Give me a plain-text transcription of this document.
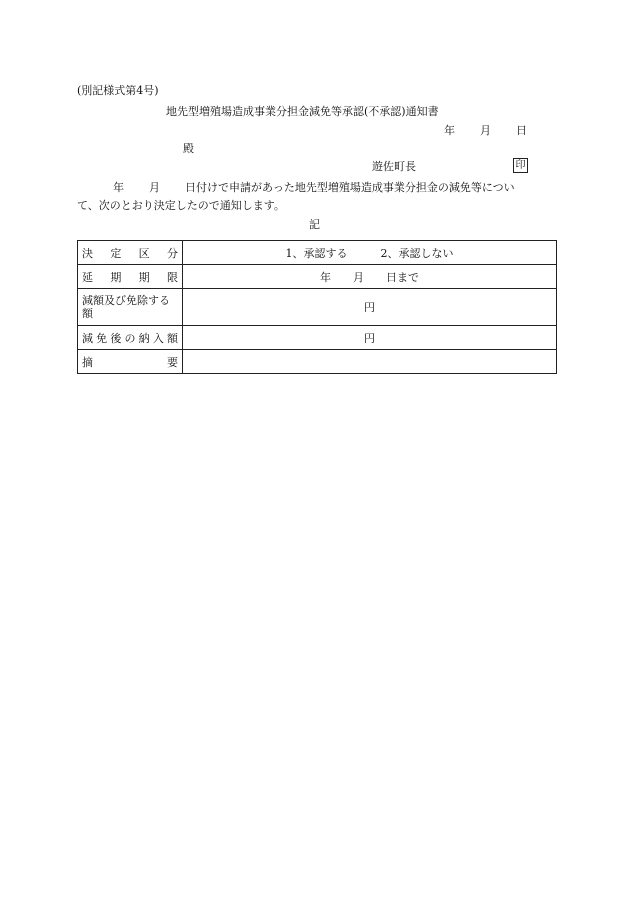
(別記様式第4号)
地先型増殖場造成事業分担金減免等承認(不承認)通知書
年 月 日
殿
遊佐町長	印
年 月 日付けで申請があった地先型増殖場造成事業分担金の減免等につい
て、次のとおり決定したので通知します。
記
決定区分	1、承認する　　　2、承認しない
延期期限	年　　月　　日まで
減額及び免除する額	円
減免後の納入額	円
摘要	
